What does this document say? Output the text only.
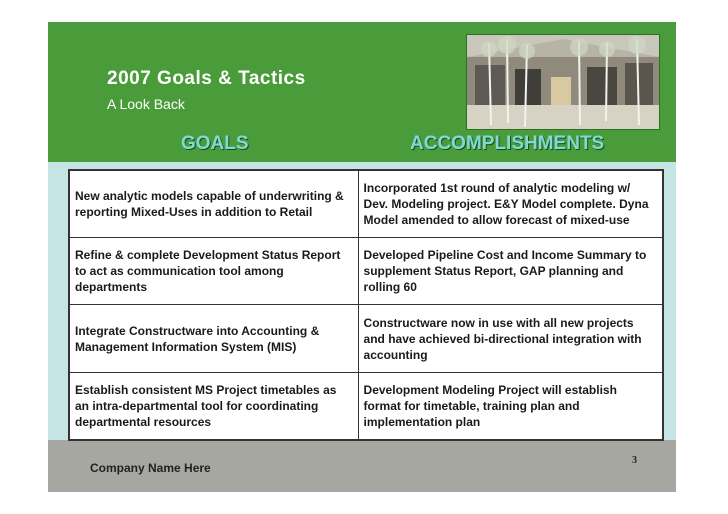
2007 Goals & Tactics
A Look Back
GOALS	ACCOMPLISHMENTS
New analytic models capable of underwriting & reporting Mixed-Uses in addition to Retail	Incorporated 1st round of analytic modeling w/ Dev. Modeling project. E&Y Model complete. Dyna Model amended to allow forecast of mixed-use
Refine & complete Development Status Report to act as communication tool among departments	Developed Pipeline Cost and Income Summary to supplement Status Report, GAP planning and rolling 60
Integrate Constructware into Accounting & Management Information System (MIS)	Constructware now in use with all new projects and have achieved bi-directional integration with accounting
Establish consistent MS Project timetables as an intra-departmental tool for coordinating departmental resources	Development Modeling Project will establish format for timetable, training plan and implementation plan
3
Company Name Here
